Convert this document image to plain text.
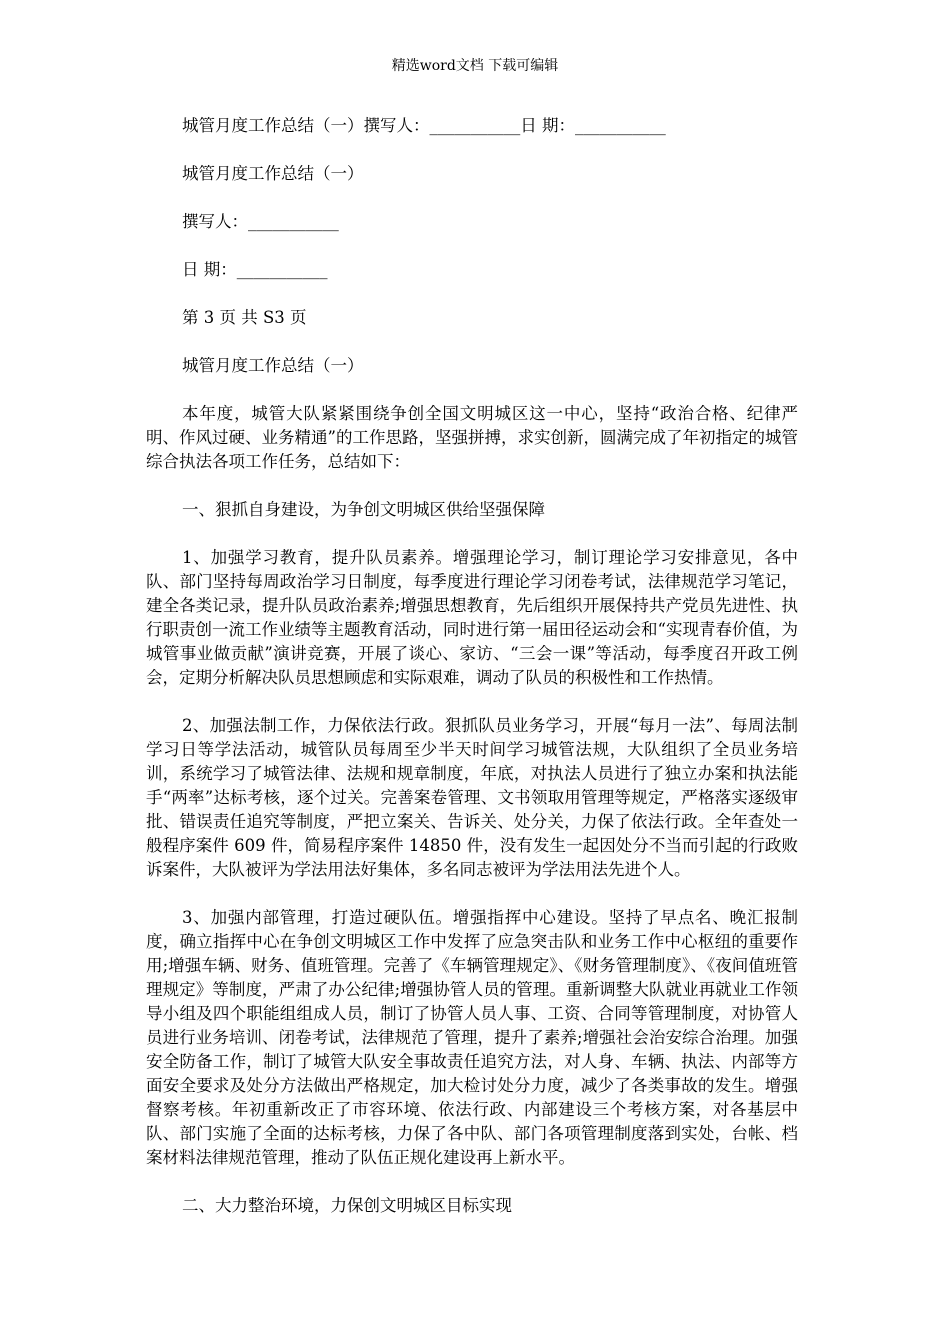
精选word文档 下载可编辑
城管月度工作总结（一）撰写人：___________日 期：___________
城管月度工作总结（一）
撰写人：___________
日 期：___________
第 3 页 共 S3 页
城管月度工作总结（一）

本年度，城管大队紧紧围绕争创全国文明城区这一中心，坚持“政治合格、纪律严明、作风过硬、业务精通”的工作思路，坚强拼搏，求实创新，圆满完成了年初指定的城管综合执法各项工作任务，总结如下：

一、狠抓自身建设，为争创文明城区供给坚强保障

1、加强学习教育，提升队员素养。增强理论学习，制订理论学习安排意见，各中队、部门坚持每周政治学习日制度，每季度进行理论学习闭卷考试，法律规范学习笔记，建全各类记录，提升队员政治素养;增强思想教育，先后组织开展保持共产党员先进性、执行职责创一流工作业绩等主题教育活动，同时进行第一届田径运动会和“实现青春价值，为城管事业做贡献”演讲竞赛，开展了谈心、家访、“三会一课”等活动，每季度召开政工例会，定期分析解决队员思想顾虑和实际艰难，调动了队员的积极性和工作热情。

2、加强法制工作，力保依法行政。狠抓队员业务学习，开展“每月一法”、每周法制学习日等学法活动，城管队员每周至少半天时间学习城管法规，大队组织了全员业务培训，系统学习了城管法律、法规和规章制度，年底，对执法人员进行了独立办案和执法能手“两率”达标考核，逐个过关。完善案卷管理、文书领取用管理等规定，严格落实逐级审批、错误责任追究等制度，严把立案关、告诉关、处分关，力保了依法行政。全年查处一般程序案件 609 件，简易程序案件 14850 件，没有发生一起因处分不当而引起的行政败诉案件，大队被评为学法用法好集体，多名同志被评为学法用法先进个人。

3、加强内部管理，打造过硬队伍。增强指挥中心建设。坚持了早点名、晚汇报制度，确立指挥中心在争创文明城区工作中发挥了应急突击队和业务工作中心枢纽的重要作用;增强车辆、财务、值班管理。完善了《车辆管理规定》、《财务管理制度》、《夜间值班管理规定》等制度，严肃了办公纪律;增强协管人员的管理。重新调整大队就业再就业工作领导小组及四个职能组组成人员，制订了协管人员人事、工资、合同等管理制度，对协管人员进行业务培训、闭卷考试，法律规范了管理，提升了素养;增强社会治安综合治理。加强安全防备工作，制订了城管大队安全事故责任追究方法，对人身、车辆、执法、内部等方面安全要求及处分方法做出严格规定，加大检讨处分力度，减少了各类事故的发生。增强督察考核。年初重新改正了市容环境、依法行政、内部建设三个考核方案，对各基层中队、部门实施了全面的达标考核，力保了各中队、部门各项管理制度落到实处，台帐、档案材料法律规范管理，推动了队伍正规化建设再上新水平。

二、大力整治环境，力保创文明城区目标实现
